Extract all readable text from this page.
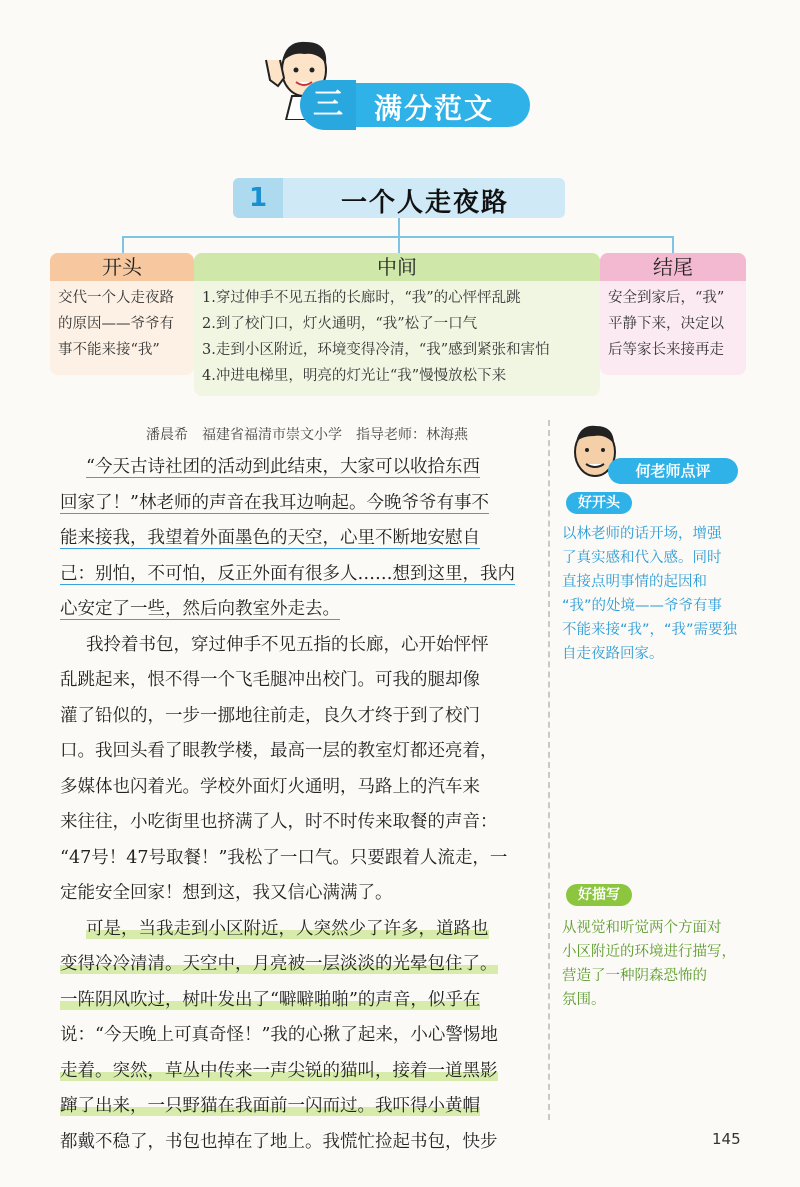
满分范文
三
1	一个人走夜路
开头
交代一个人走夜路
的原因——爷爷有
事不能来接“我”
中间
1.穿过伸手不见五指的长廊时，“我”的心怦怦乱跳
2.到了校门口，灯火通明，“我”松了一口气
3.走到小区附近，环境变得冷清，“我”感到紧张和害怕
4.冲进电梯里，明亮的灯光让“我”慢慢放松下来
结尾
安全到家后，“我”
平静下来，决定以
后等家长来接再走
潘晨希　福建省福清市崇文小学　指导老师：林海燕
“今天古诗社团的活动到此结束，大家可以收拾东西
回家了！”林老师的声音在我耳边响起。今晚爷爷有事不
能来接我，我望着外面墨色的天空，心里不断地安慰自
己：别怕，不可怕，反正外面有很多人……想到这里，我内
心安定了一些，然后向教室外走去。
我拎着书包，穿过伸手不见五指的长廊，心开始怦怦
乱跳起来，恨不得一个飞毛腿冲出校门。可我的腿却像
灌了铅似的，一步一挪地往前走，良久才终于到了校门
口。我回头看了眼教学楼，最高一层的教室灯都还亮着，
多媒体也闪着光。学校外面灯火通明，马路上的汽车来
来往往，小吃街里也挤满了人，时不时传来取餐的声音：
“47号！47号取餐！”我松了一口气。只要跟着人流走，一
定能安全回家！想到这，我又信心满满了。
可是，当我走到小区附近，人突然少了许多，道路也
变得冷冷清清。天空中，月亮被一层淡淡的光晕包住了。
一阵阴风吹过，树叶发出了“噼噼啪啪”的声音，似乎在
说：“今天晚上可真奇怪！”我的心揪了起来，小心警惕地
走着。突然，草丛中传来一声尖锐的猫叫，接着一道黑影
蹿了出来，一只野猫在我面前一闪而过。我吓得小黄帽
都戴不稳了，书包也掉在了地上。我慌忙捡起书包，快步
何老师点评
好开头
以林老师的话开场，增强
了真实感和代入感。同时
直接点明事情的起因和
“我”的处境——爷爷有事
不能来接“我”，“我”需要独
自走夜路回家。
好描写
从视觉和听觉两个方面对
小区附近的环境进行描写，
营造了一种阴森恐怖的
氛围。
145
